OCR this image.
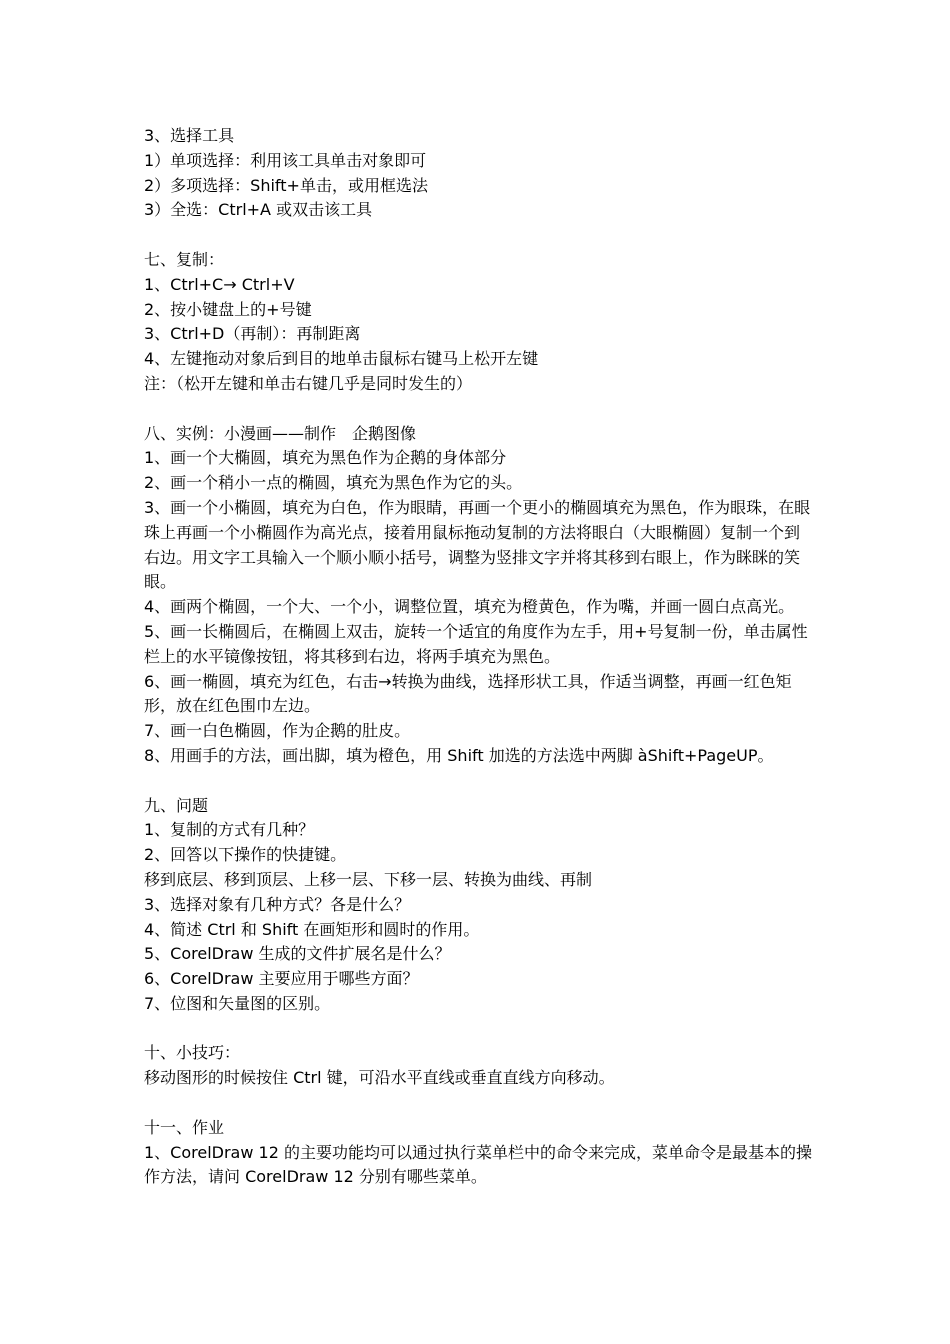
3、选择工具

1）单项选择：利用该工具单击对象即可

2）多项选择：Shift+单击，或用框选法

3）全选：Ctrl+A 或双击该工具

七、复制：

1、Ctrl+C→ Ctrl+V

2、按小键盘上的+号键

3、Ctrl+D（再制）：再制距离

4、左键拖动对象后到目的地单击鼠标右键马上松开左键

注：（松开左键和单击右键几乎是同时发生的）

八、实例：小漫画——制作　企鹅图像

1、画一个大椭圆，填充为黑色作为企鹅的身体部分

2、画一个稍小一点的椭圆，填充为黑色作为它的头。

3、画一个小椭圆，填充为白色，作为眼睛，再画一个更小的椭圆填充为黑色，作为眼珠，在眼珠上再画一个小椭圆作为高光点，接着用鼠标拖动复制的方法将眼白（大眼椭圆）复制一个到右边。用文字工具输入一个顺小顺小括号，调整为竖排文字并将其移到右眼上，作为眯眯的笑眼。

4、画两个椭圆，一个大、一个小，调整位置，填充为橙黄色，作为嘴，并画一圆白点高光。

5、画一长椭圆后，在椭圆上双击，旋转一个适宜的角度作为左手，用+号复制一份，单击属性栏上的水平镜像按钮，将其移到右边，将两手填充为黑色。

6、画一椭圆，填充为红色，右击→转换为曲线，选择形状工具，作适当调整，再画一红色矩形，放在红色围巾左边。

7、画一白色椭圆，作为企鹅的肚皮。

8、用画手的方法，画出脚，填为橙色，用 Shift 加选的方法选中两脚 àShift+PageUP。

九、问题

1、复制的方式有几种？

2、回答以下操作的快捷键。

移到底层、移到顶层、上移一层、下移一层、转换为曲线、再制

3、选择对象有几种方式？各是什么？

4、简述 Ctrl 和 Shift 在画矩形和圆时的作用。

5、CorelDraw 生成的文件扩展名是什么？

6、CorelDraw 主要应用于哪些方面？

7、位图和矢量图的区别。

十、小技巧：

移动图形的时候按住 Ctrl 键，可沿水平直线或垂直直线方向移动。

十一、作业

1、CorelDraw 12 的主要功能均可以通过执行菜单栏中的命令来完成，菜单命令是最基本的操作方法，请问 CorelDraw 12 分别有哪些菜单。
